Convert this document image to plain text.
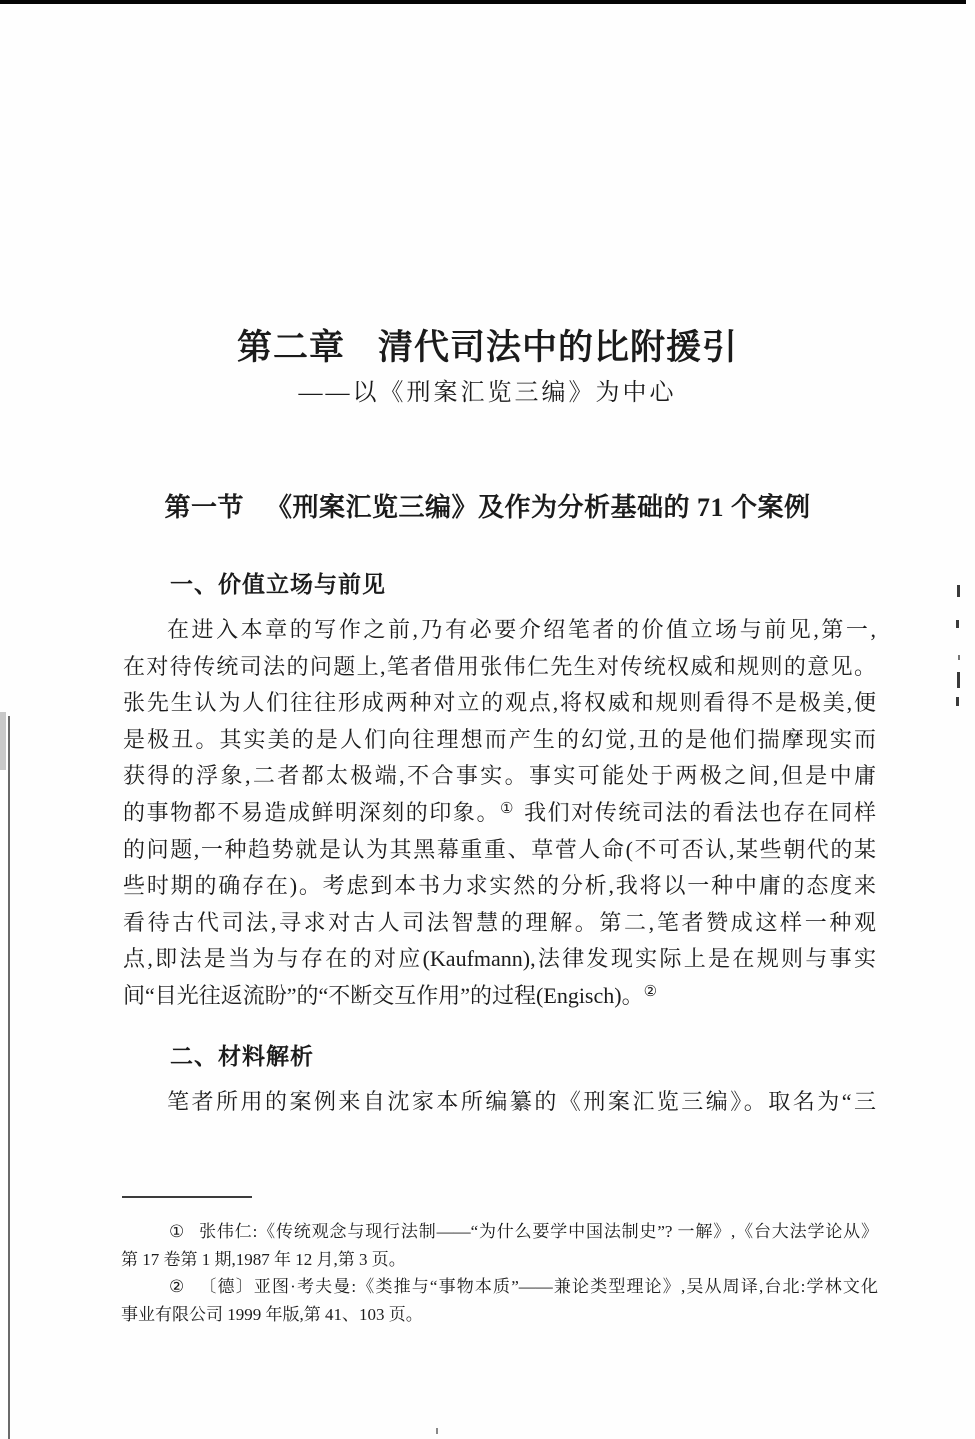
第二章 清代司法中的比附援引
——以《刑案汇览三编》为中心
第一节 《刑案汇览三编》及作为分析基础的 71 个案例
一、价值立场与前见
在进入本章的写作之前,乃有必要介绍笔者的价值立场与前见,第一,
在对待传统司法的问题上,笔者借用张伟仁先生对传统权威和规则的意见。
张先生认为人们往往形成两种对立的观点,将权威和规则看得不是极美,便
是极丑。其实美的是人们向往理想而产生的幻觉,丑的是他们揣摩现实而
获得的浮象,二者都太极端,不合事实。事实可能处于两极之间,但是中庸
的事物都不易造成鲜明深刻的印象。① 我们对传统司法的看法也存在同样
的问题,一种趋势就是认为其黑幕重重、草菅人命(不可否认,某些朝代的某
些时期的确存在)。考虑到本书力求实然的分析,我将以一种中庸的态度来
看待古代司法,寻求对古人司法智慧的理解。第二,笔者赞成这样一种观
点,即法是当为与存在的对应(Kaufmann),法律发现实际上是在规则与事实
间“目光往返流盼”的“不断交互作用”的过程(Engisch)。②
二、材料解析
笔者所用的案例来自沈家本所编纂的《刑案汇览三编》。取名为“三
① 张伟仁:《传统观念与现行法制——“为什么要学中国法制史”? 一解》,《台大法学论从》
第 17 卷第 1 期,1987 年 12 月,第 3 页。
② 〔德〕亚图·考夫曼:《类推与“事物本质”——兼论类型理论》,吴从周译,台北:学林文化
事业有限公司 1999 年版,第 41、103 页。
